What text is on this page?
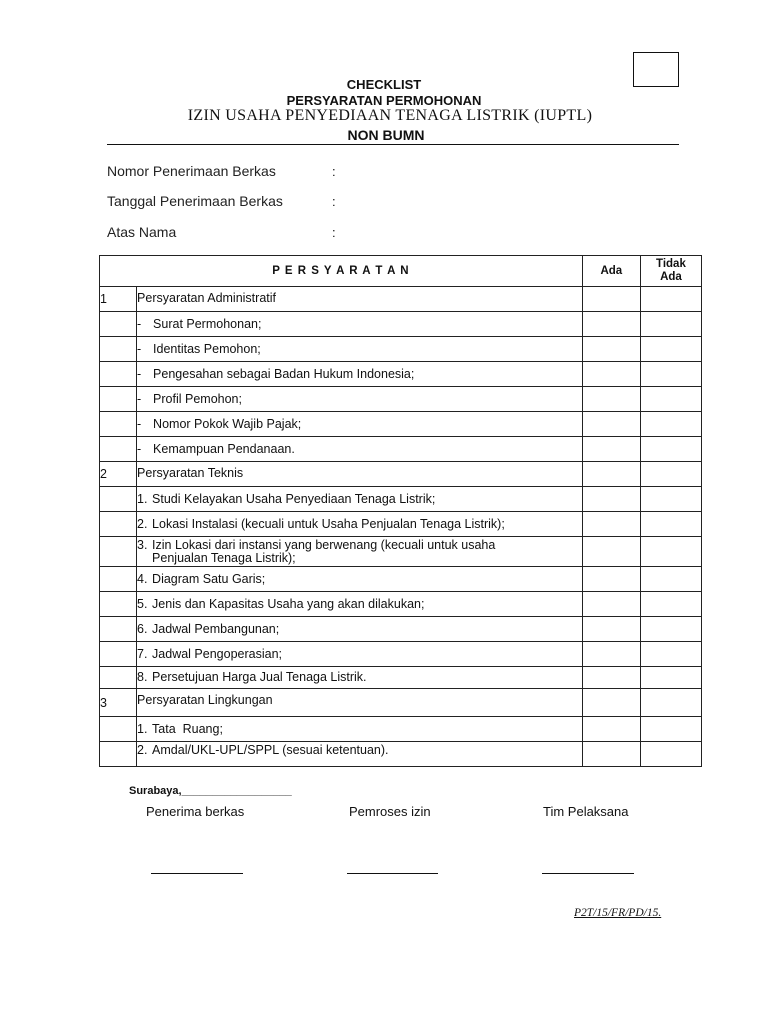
CHECKLIST
PERSYARATAN PERMOHONAN
IZIN USAHA PENYEDIAAN TENAGA LISTRIK (IUPTL)
NON BUMN
Nomor Penerimaan Berkas	:
Tanggal Penerimaan Berkas	:
Atas Nama	:
P E R S Y A R A T A N		Ada	Tidak
Ada
1	Persyaratan Administratif		
	- Surat Permohonan;		
	- Identitas Pemohon;		
	- Pengesahan sebagai Badan Hukum Indonesia;		
	- Profil Pemohon;		
	- Nomor Pokok Wajib Pajak;		
	- Kemampuan Pendanaan.		
2	Persyaratan Teknis		
	1. Studi Kelayakan Usaha Penyediaan Tenaga Listrik;		
	2. Lokasi Instalasi (kecuali untuk Usaha Penjualan Tenaga Listrik);		
	3. Izin Lokasi dari instansi yang berwenang (kecuali untuk usaha
Penjualan Tenaga Listrik);		

	4. Diagram Satu Garis;		
	5. Jenis dan Kapasitas Usaha yang akan dilakukan;		
	6. Jadwal Pembangunan;		
	7. Jadwal Pengoperasian;		
	8. Persetujuan Harga Jual Tenaga Listrik.		
3	Persyaratan Lingkungan		
	1. Tata  Ruang;		
	2. Amdal/UKL-UPL/SPPL (sesuai ketentuan).		
Surabaya,__________________
Penerima berkas	Pemroses izin	Tim Pelaksana
P2T/15/FR/PD/15.
